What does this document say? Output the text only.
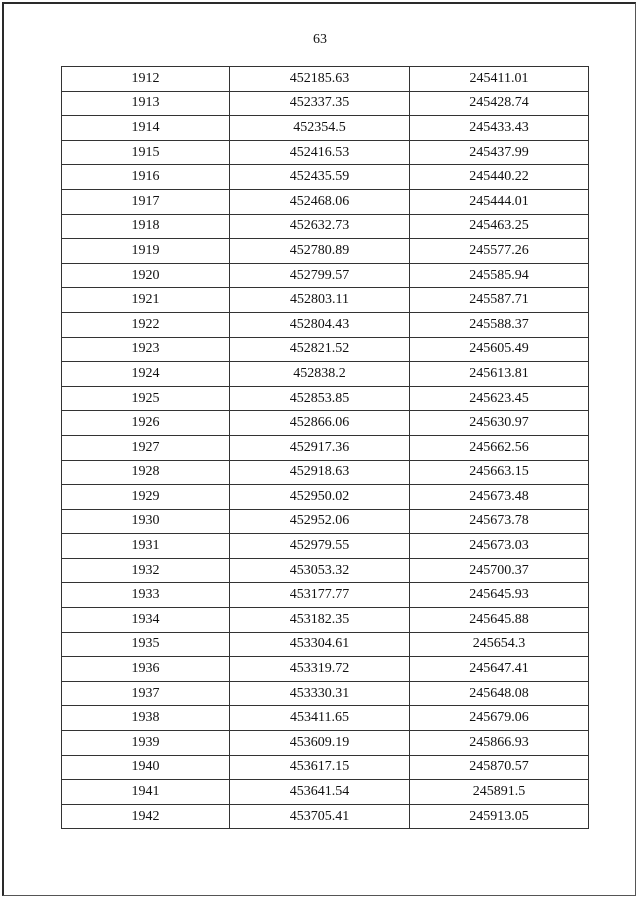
63
1912	452185.63	245411.01
1913	452337.35	245428.74
1914	452354.5	245433.43
1915	452416.53	245437.99
1916	452435.59	245440.22
1917	452468.06	245444.01
1918	452632.73	245463.25
1919	452780.89	245577.26
1920	452799.57	245585.94
1921	452803.11	245587.71
1922	452804.43	245588.37
1923	452821.52	245605.49
1924	452838.2	245613.81
1925	452853.85	245623.45
1926	452866.06	245630.97
1927	452917.36	245662.56
1928	452918.63	245663.15
1929	452950.02	245673.48
1930	452952.06	245673.78
1931	452979.55	245673.03
1932	453053.32	245700.37
1933	453177.77	245645.93
1934	453182.35	245645.88
1935	453304.61	245654.3
1936	453319.72	245647.41
1937	453330.31	245648.08
1938	453411.65	245679.06
1939	453609.19	245866.93
1940	453617.15	245870.57
1941	453641.54	245891.5
1942	453705.41	245913.05
